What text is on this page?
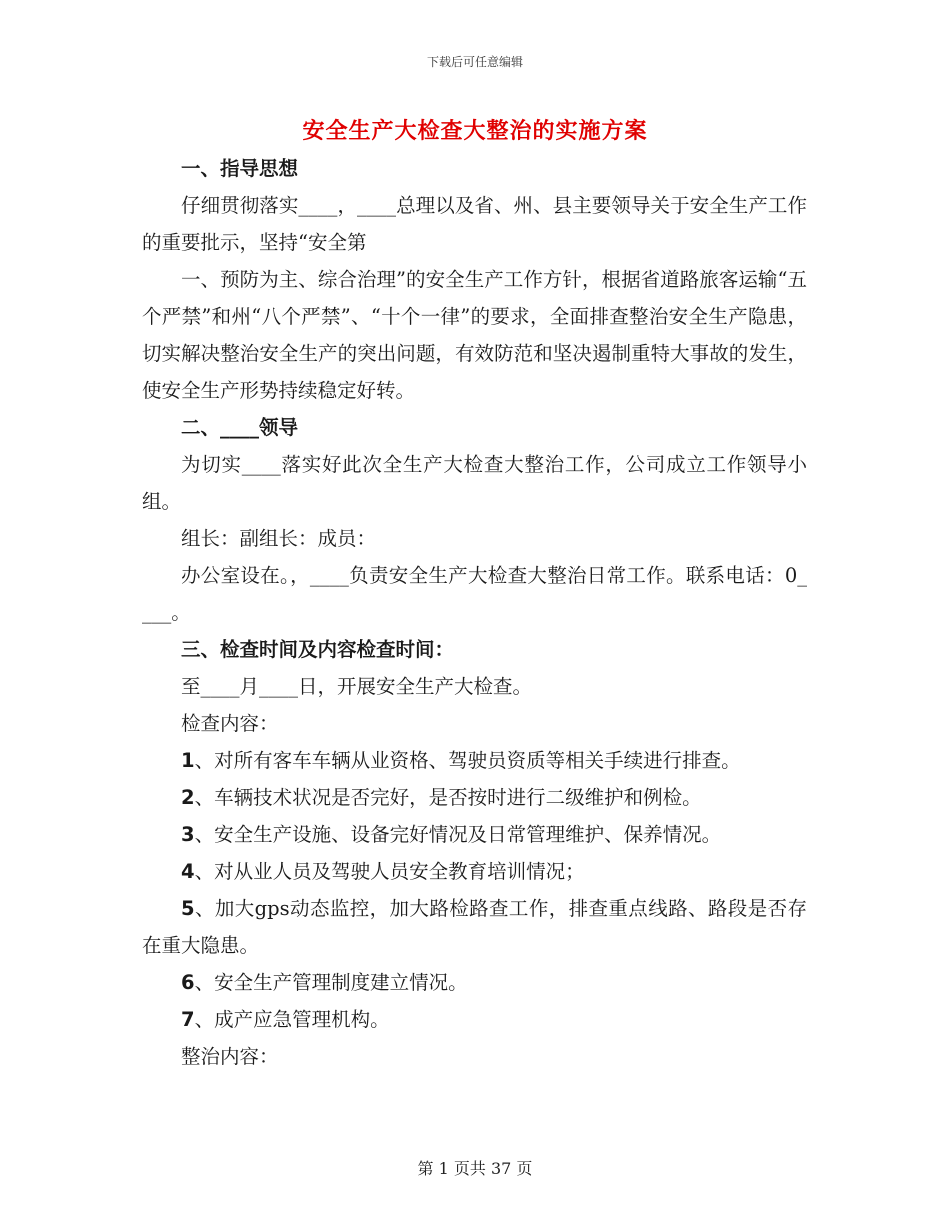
下载后可任意编辑
安全生产大检查大整治的实施方案

一、指导思想

仔细贯彻落实____，____总理以及省、州、县主要领导关于安全生产工作的重要批示，坚持“安全第

一、预防为主、综合治理”的安全生产工作方针，根据省道路旅客运输“五个严禁”和州“八个严禁”、“十个一律”的要求，全面排查整治安全生产隐患，切实解决整治安全生产的突出问题，有效防范和坚决遏制重特大事故的发生，使安全生产形势持续稳定好转。

二、____领导

为切实____落实好此次全生产大检查大整治工作，公司成立工作领导小组。

组长：副组长：成员：

办公室设在。，____负责安全生产大检查大整治日常工作。联系电话：0____。

三、检查时间及内容检查时间：

至____月____日，开展安全生产大检查。

检查内容：

1、对所有客车车辆从业资格、驾驶员资质等相关手续进行排查。

2、车辆技术状况是否完好，是否按时进行二级维护和例检。

3、安全生产设施、设备完好情况及日常管理维护、保养情况。

4、对从业人员及驾驶人员安全教育培训情况；

5、加大gps动态监控，加大路检路查工作，排查重点线路、路段是否存在重大隐患。

6、安全生产管理制度建立情况。

7、成产应急管理机构。

整治内容：

第 1 页共 37 页
